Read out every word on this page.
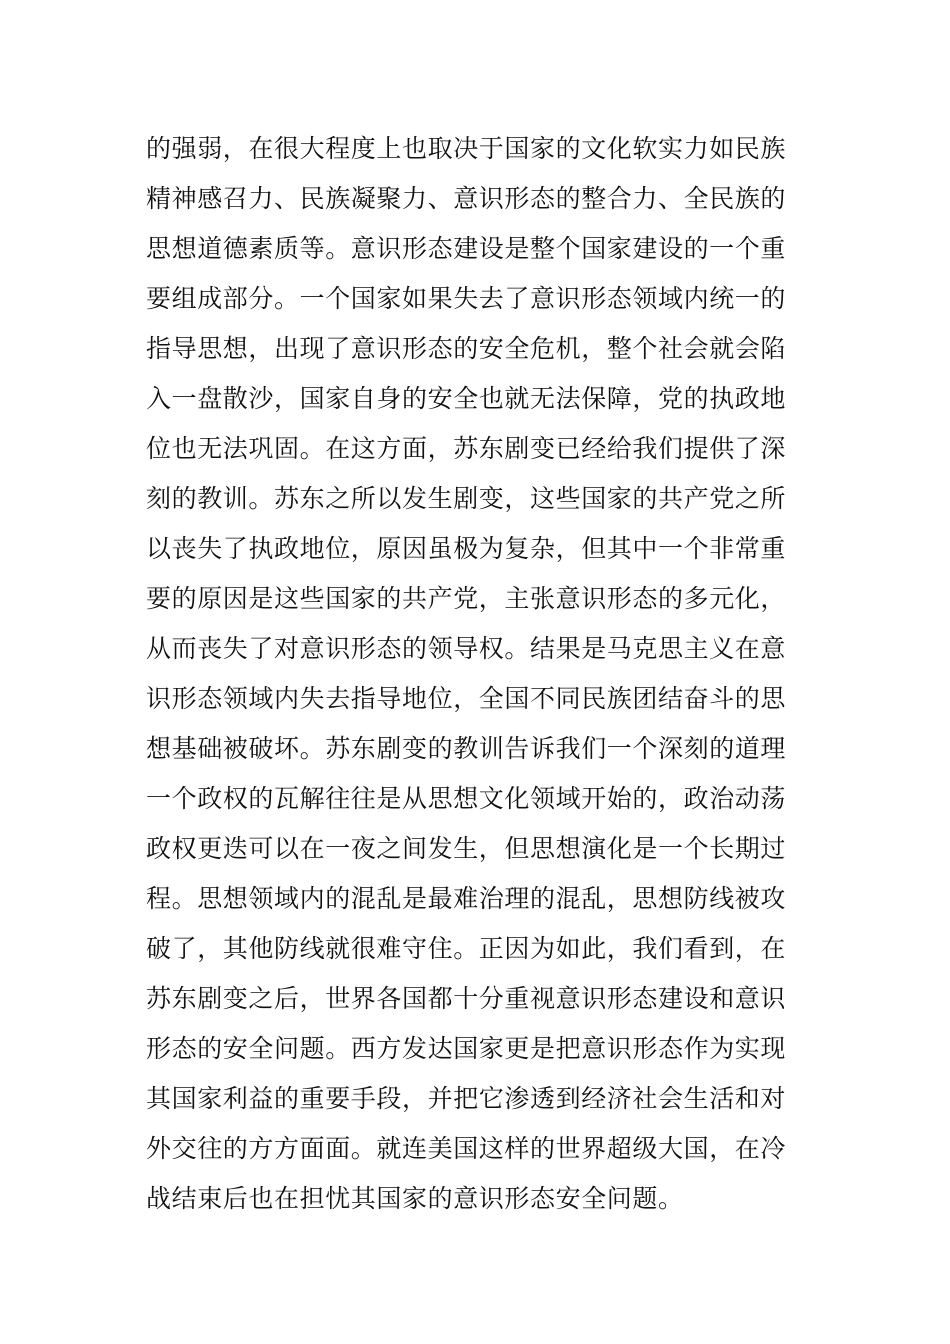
的强弱，在很大程度上也取决于国家的文化软实力如民族
精神感召力、民族凝聚力、意识形态的整合力、全民族的
思想道德素质等。意识形态建设是整个国家建设的一个重
要组成部分。一个国家如果失去了意识形态领域内统一的
指导思想，出现了意识形态的安全危机，整个社会就会陷
入一盘散沙，国家自身的安全也就无法保障，党的执政地
位也无法巩固。在这方面，苏东剧变已经给我们提供了深
刻的教训。苏东之所以发生剧变，这些国家的共产党之所
以丧失了执政地位，原因虽极为复杂，但其中一个非常重
要的原因是这些国家的共产党，主张意识形态的多元化，
从而丧失了对意识形态的领导权。结果是马克思主义在意
识形态领域内失去指导地位，全国不同民族团结奋斗的思
想基础被破坏。苏东剧变的教训告诉我们一个深刻的道理
一个政权的瓦解往往是从思想文化领域开始的，政治动荡
政权更迭可以在一夜之间发生，但思想演化是一个长期过
程。思想领域内的混乱是最难治理的混乱，思想防线被攻
破了，其他防线就很难守住。正因为如此，我们看到，在
苏东剧变之后，世界各国都十分重视意识形态建设和意识
形态的安全问题。西方发达国家更是把意识形态作为实现
其国家利益的重要手段，并把它渗透到经济社会生活和对
外交往的方方面面。就连美国这样的世界超级大国，在冷
战结束后也在担忧其国家的意识形态安全问题。
